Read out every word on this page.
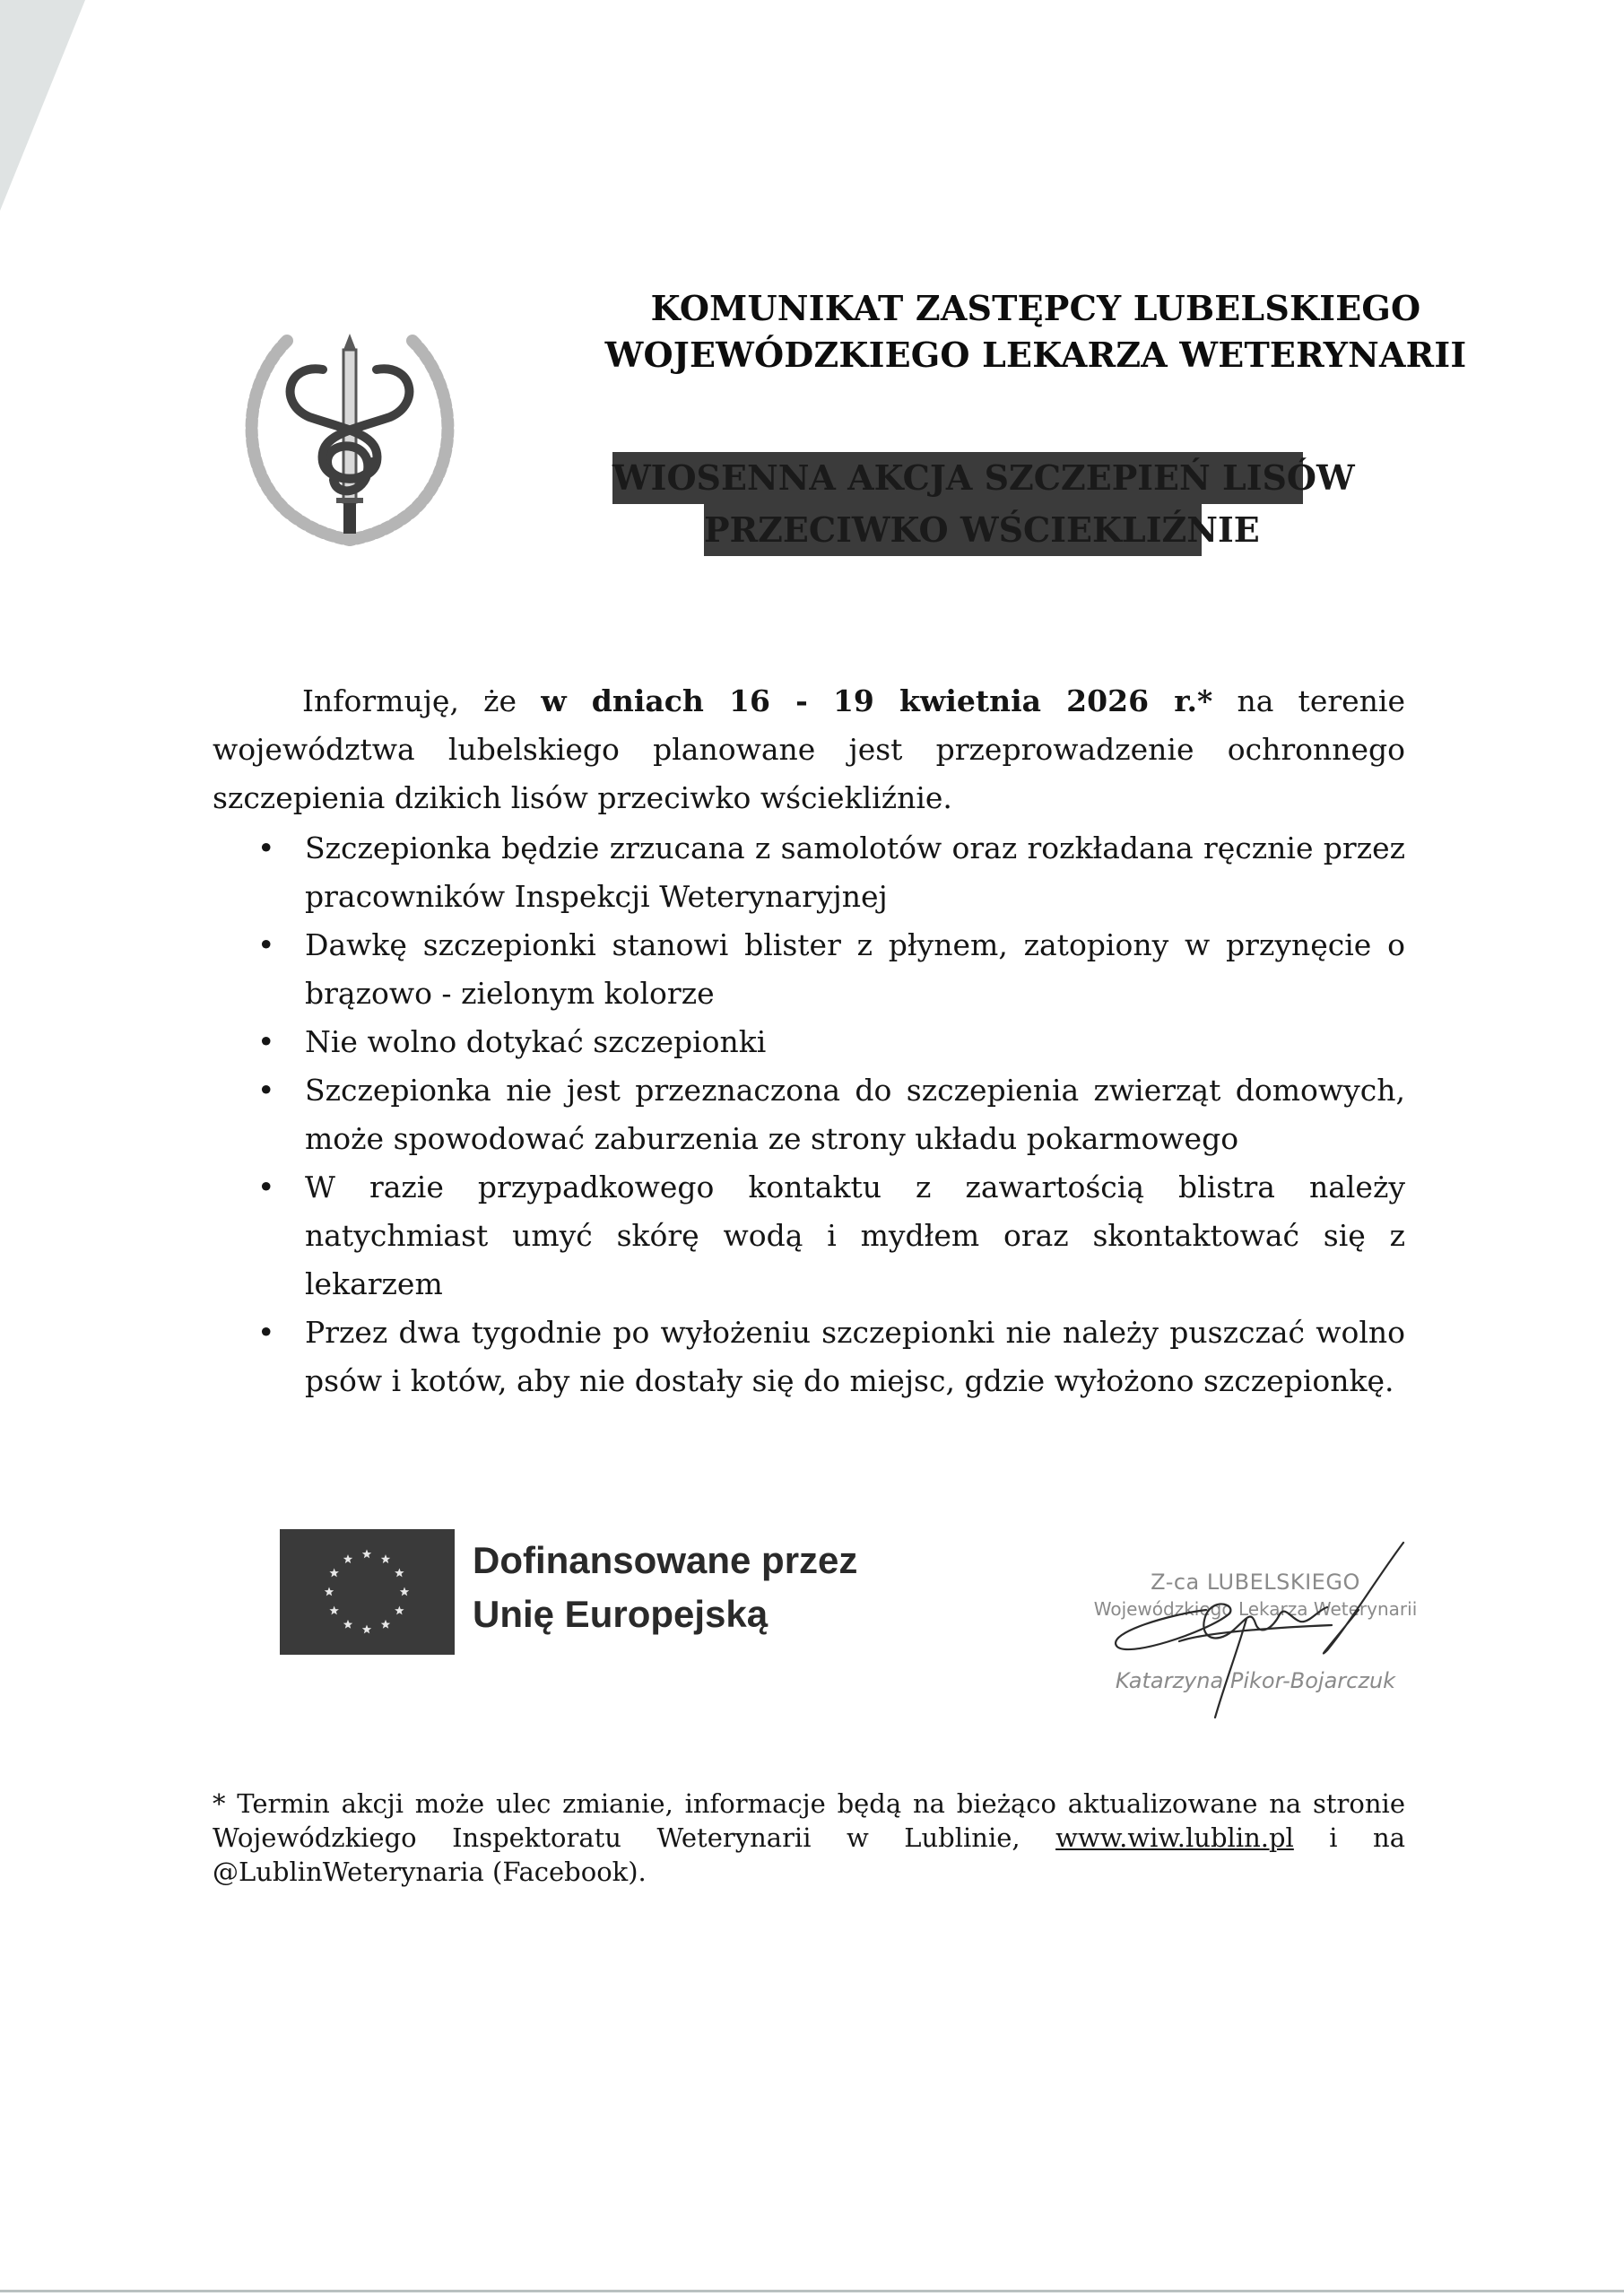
KOMUNIKAT ZASTĘPCY LUBELSKIEGO
WOJEWÓDZKIEGO LEKARZA WETERYNARII
WIOSENNA AKCJA SZCZEPIEŃ LISÓW
PRZECIWKO WŚCIEKLIŹNIE

Informuję, że w dniach 16 - 19 kwietnia 2026 r.* na terenie województwa lubelskiego planowane jest przeprowadzenie ochronnego szczepienia dzikich lisów przeciwko wściekliźnie.

• Szczepionka będzie zrzucana z samolotów oraz rozkładana ręcznie przez pracowników Inspekcji Weterynaryjnej
• Dawkę szczepionki stanowi blister z płynem, zatopiony w przynęcie o brązowo - zielonym kolorze
• Nie wolno dotykać szczepionki
• Szczepionka nie jest przeznaczona do szczepienia zwierząt domowych, może spowodować zaburzenia ze strony układu pokarmowego
• W razie przypadkowego kontaktu z zawartością blistra należy natychmiast umyć skórę wodą i mydłem oraz skontaktować się z lekarzem
• Przez dwa tygodnie po wyłożeniu szczepionki nie należy puszczać wolno psów i kotów, aby nie dostały się do miejsc, gdzie wyłożono szczepionkę.
Dofinansowane przez
Unię Europejską
Z-ca LUBELSKIEGO
Wojewódzkiego Lekarza Weterynarii
Katarzyna Pikor-Bojarczuk
* Termin akcji może ulec zmianie, informacje będą na bieżąco aktualizowane na stronie Wojewódzkiego Inspektoratu Weterynarii w Lublinie, www.wiw.lublin.pl i na @LublinWeterynaria (Facebook).
